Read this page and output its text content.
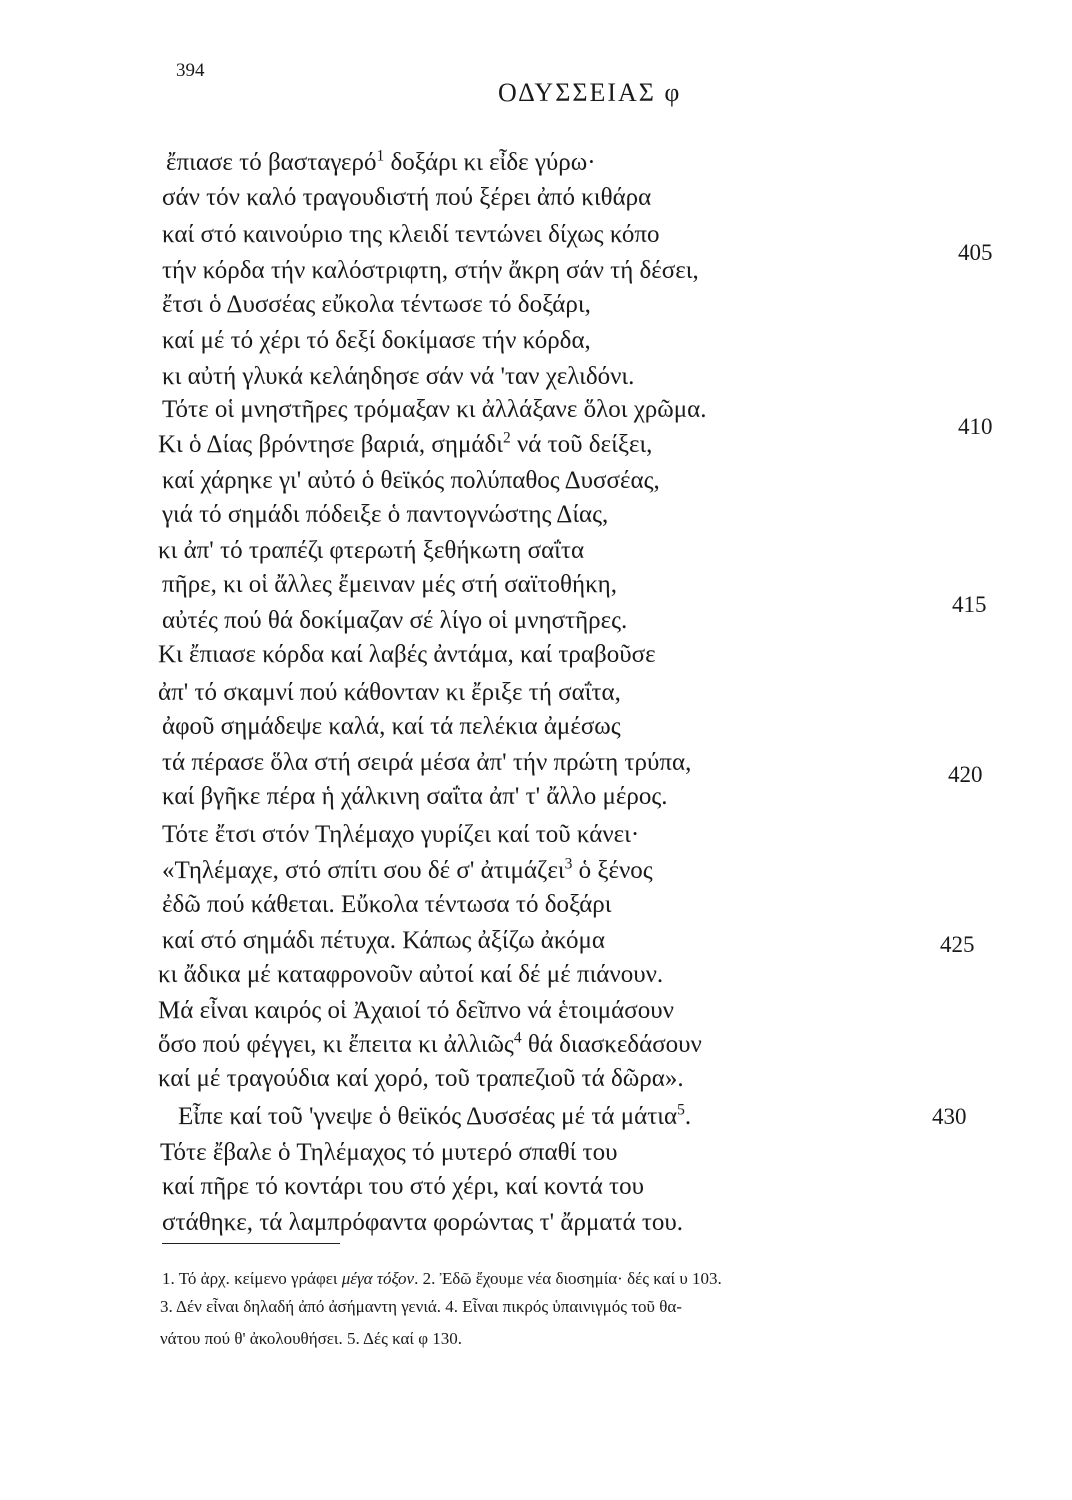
394
ΟΔΥΣΣΕΙΑΣ φ
ἔπιασε τό βασταγερό$^1$ δοξάρι κι εἶδε γύρω·
σάν τόν καλό τραγουδιστή πού ξέρει ἀπό κιθάρα
καί στό καινούριο της κλειδί τεντώνει δίχως κόπο
τήν κόρδα τήν καλόστριφτη, στήν ἄκρη σάν τή δέσει,
ἔτσι ὁ Δυσσέας εὔκολα τέντωσε τό δοξάρι,
καί μέ τό χέρι τό δεξί δοκίμασε τήν κόρδα,
κι αὐτή γλυκά κελάηδησε σάν νά 'ταν χελιδόνι.
Τότε οἱ μνηστῆρες τρόμαξαν κι ἀλλάξανε ὅλοι χρῶμα.
Κι ὁ Δίας βρόντησε βαριά, σημάδι$^2$ νά τοῦ δείξει,
καί χάρηκε γι' αὐτό ὁ θεϊκός πολύπαθος Δυσσέας,
γιά τό σημάδι πόδειξε ὁ παντογνώστης Δίας,
κι ἀπ' τό τραπέζι φτερωτή ξεθήκωτη σαΐτα
πῆρε, κι οἱ ἄλλες ἔμειναν μές στή σαϊτοθήκη,
αὐτές πού θά δοκίμαζαν σέ λίγο οἱ μνηστῆρες.
Κι ἔπιασε κόρδα καί λαβές ἀντάμα, καί τραβοῦσε
ἀπ' τό σκαμνί πού κάθονταν κι ἔριξε τή σαΐτα,
ἀφοῦ σημάδεψε καλά, καί τά πελέκια ἀμέσως
τά πέρασε ὅλα στή σειρά μέσα ἀπ' τήν πρώτη τρύπα,
καί βγῆκε πέρα ἡ χάλκινη σαΐτα ἀπ' τ' ἄλλο μέρος.
Τότε ἔτσι στόν Τηλέμαχο γυρίζει καί τοῦ κάνει·
«Τηλέμαχε, στό σπίτι σου δέ σ' ἀτιμάζει$^3$ ὁ ξένος
ἐδῶ πού κάθεται. Εὔκολα τέντωσα τό δοξάρι
καί στό σημάδι πέτυχα. Κάπως ἀξίζω ἀκόμα
κι ἄδικα μέ καταφρονοῦν αὐτοί καί δέ μέ πιάνουν.
Μά εἶναι καιρός οἱ Ἀχαιοί τό δεῖπνο νά ἑτοιμάσουν
ὅσο πού φέγγει, κι ἔπειτα κι ἀλλιῶς$^4$ θά διασκεδάσουν
καί μέ τραγούδια καί χορό, τοῦ τραπεζιοῦ τά δῶρα».
Εἶπε καί τοῦ 'γνεψε ὁ θεϊκός Δυσσέας μέ τά μάτια$^5$.
Τότε ἔβαλε ὁ Τηλέμαχος τό μυτερό σπαθί του
καί πῆρε τό κοντάρι του στό χέρι, καί κοντά του
στάθηκε, τά λαμπρόφαντα φορώντας τ' ἄρματά του.
405
410
415
420
425
430
1. Τό ἀρχ. κείμενο γράφει μέγα τόξον. 2. Ἐδῶ ἔχουμε νέα διοσημία· δές καί υ 103.
3. Δέν εἶναι δηλαδή ἀπό ἀσήμαντη γενιά. 4. Εἶναι πικρός ὑπαινιγμός τοῦ θα-
νάτου πού θ' ἀκολουθήσει. 5. Δές καί φ 130.
